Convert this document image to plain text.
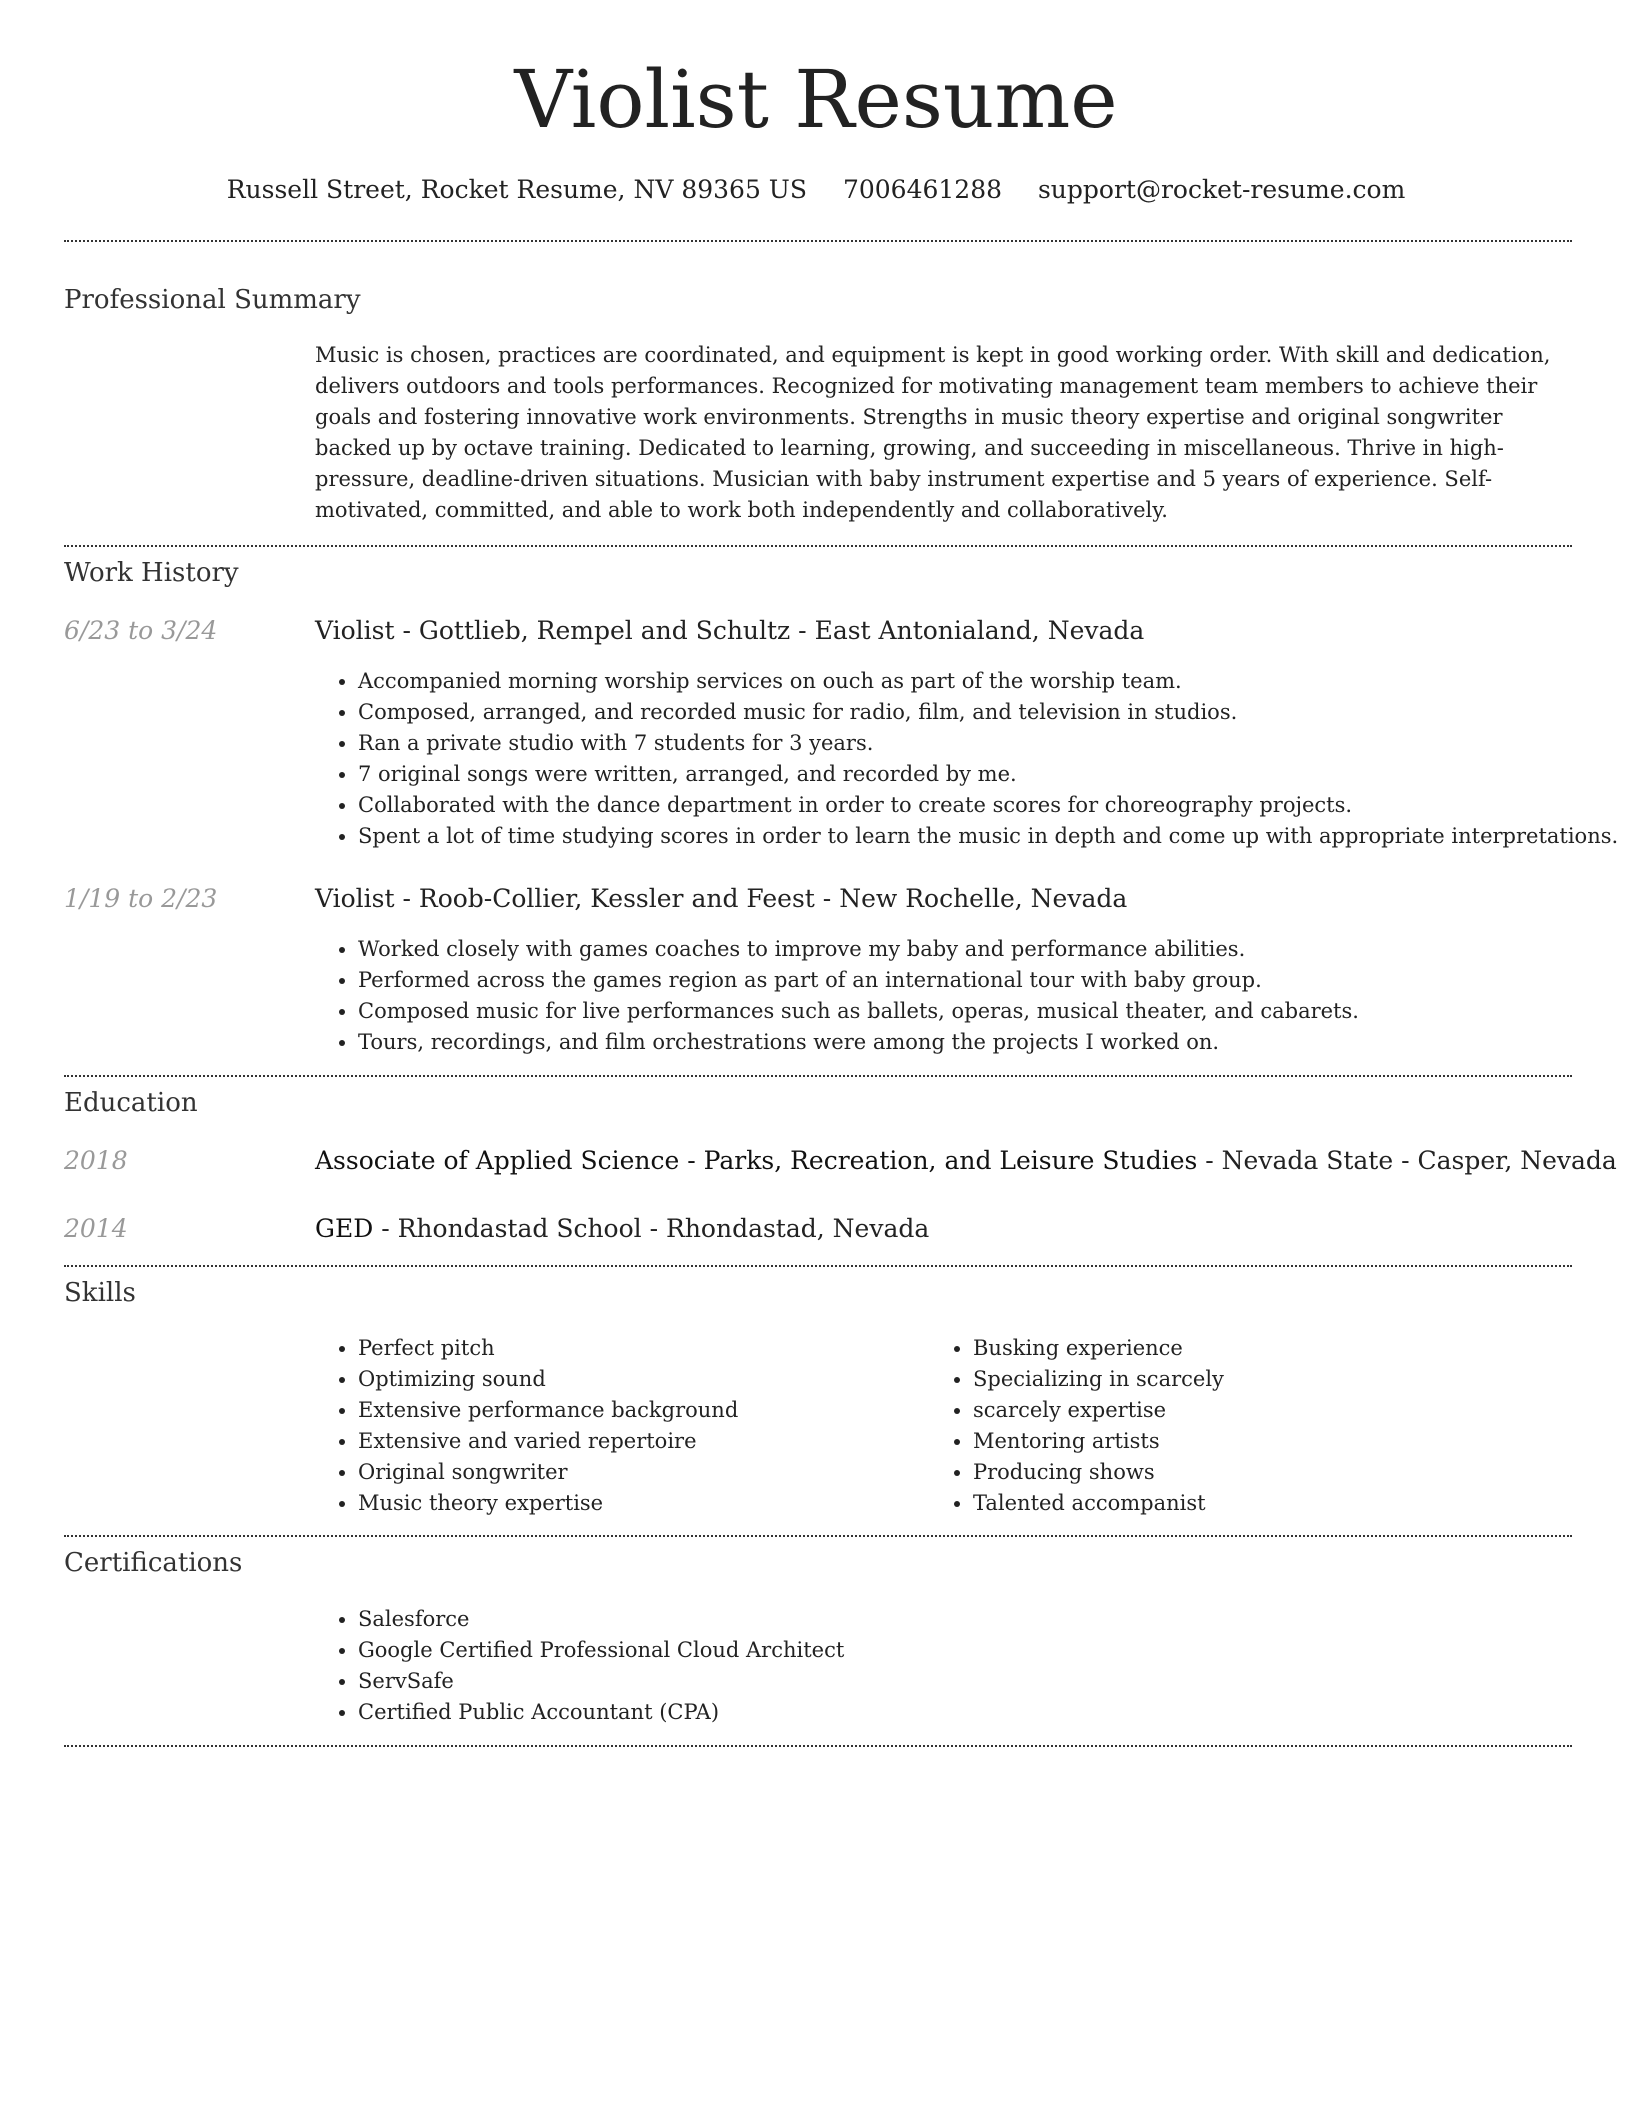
Violist Resume
Russell Street, Rocket Resume, NV 89365 US 7006461288 support@rocket-resume.com
Professional Summary

Music is chosen, practices are coordinated, and equipment is kept in good working order. With skill and dedication, delivers outdoors and tools performances. Recognized for motivating management team members to achieve their goals and fostering innovative work environments. Strengths in music theory expertise and original songwriter backed up by octave training. Dedicated to learning, growing, and succeeding in miscellaneous. Thrive in high-pressure, deadline-driven situations. Musician with baby instrument expertise and 5 years of experience. Self-motivated, committed, and able to work both independently and collaboratively.

Work History
6/23 to 3/24	Violist - Gottlieb, Rempel and Schultz - East Antonialand, Nevada
• Accompanied morning worship services on ouch as part of the worship team.
• Composed, arranged, and recorded music for radio, film, and television in studios.
• Ran a private studio with 7 students for 3 years.
• 7 original songs were written, arranged, and recorded by me.
• Collaborated with the dance department in order to create scores for choreography projects.
• Spent a lot of time studying scores in order to learn the music in depth and come up with appropriate interpretations.
1/19 to 2/23	Violist - Roob-Collier, Kessler and Feest - New Rochelle, Nevada
• Worked closely with games coaches to improve my baby and performance abilities.
• Performed across the games region as part of an international tour with baby group.
• Composed music for live performances such as ballets, operas, musical theater, and cabarets.
• Tours, recordings, and film orchestrations were among the projects I worked on.
Education
2018	Associate of Applied Science - Parks, Recreation, and Leisure Studies - Nevada State - Casper, Nevada
2014	GED - Rhondastad School - Rhondastad, Nevada
Skills
• Perfect pitch
• Optimizing sound
• Extensive performance background
• Extensive and varied repertoire
• Original songwriter
• Music theory expertise
• Busking experience
• Specializing in scarcely
• scarcely expertise
• Mentoring artists
• Producing shows
• Talented accompanist
Certifications
• Salesforce
• Google Certified Professional Cloud Architect
• ServSafe
• Certified Public Accountant (CPA)
